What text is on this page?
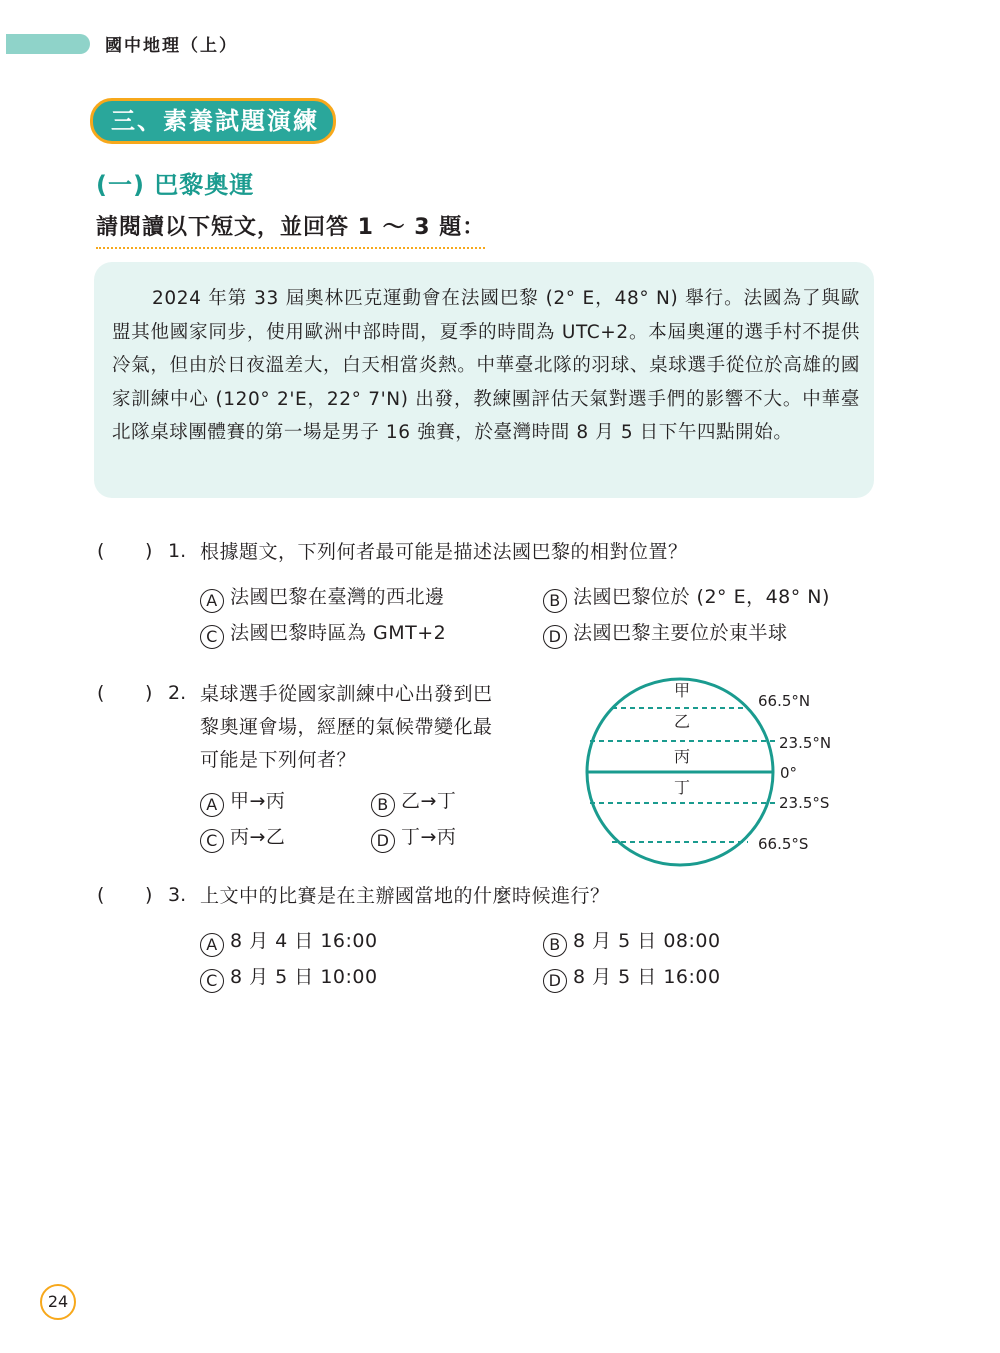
國中地理（上）
三、素養試題演練
(一) 巴黎奧運
請閱讀以下短文，並回答 1 ～ 3 題：
2024 年第 33 屆奧林匹克運動會在法國巴黎 (2° E，48° N) 舉行。法國為了與歐盟其他國家同步，使用歐洲中部時間，夏季的時間為 UTC+2。本屆奧運的選手村不提供冷氣，但由於日夜溫差大，白天相當炎熱。中華臺北隊的羽球、桌球選手從位於高雄的國家訓練中心 (120° 2'E，22° 7'N) 出發，教練團評估天氣對選手們的影響不大。中華臺北隊桌球團體賽的第一場是男子 16 強賽，於臺灣時間 8 月 5 日下午四點開始。
( ) 1. 根據題文，下列何者最可能是描述法國巴黎的相對位置？
A 法國巴黎在臺灣的西北邊	B 法國巴黎位於 (2° E，48° N)
C 法國巴黎時區為 GMT+2	D 法國巴黎主要位於東半球
( ) 2. 桌球選手從國家訓練中心出發到巴
黎奧運會場，經歷的氣候帶變化最
可能是下列何者？
A 甲→丙	B 乙→丁
C 丙→乙	D 丁→丙
甲
乙
丙
丁
66.5°N
23.5°N
0°
23.5°S
66.5°S
( ) 3. 上文中的比賽是在主辦國當地的什麼時候進行？
A 8 月 4 日 16:00	B 8 月 5 日 08:00
C 8 月 5 日 10:00	D 8 月 5 日 16:00
24
